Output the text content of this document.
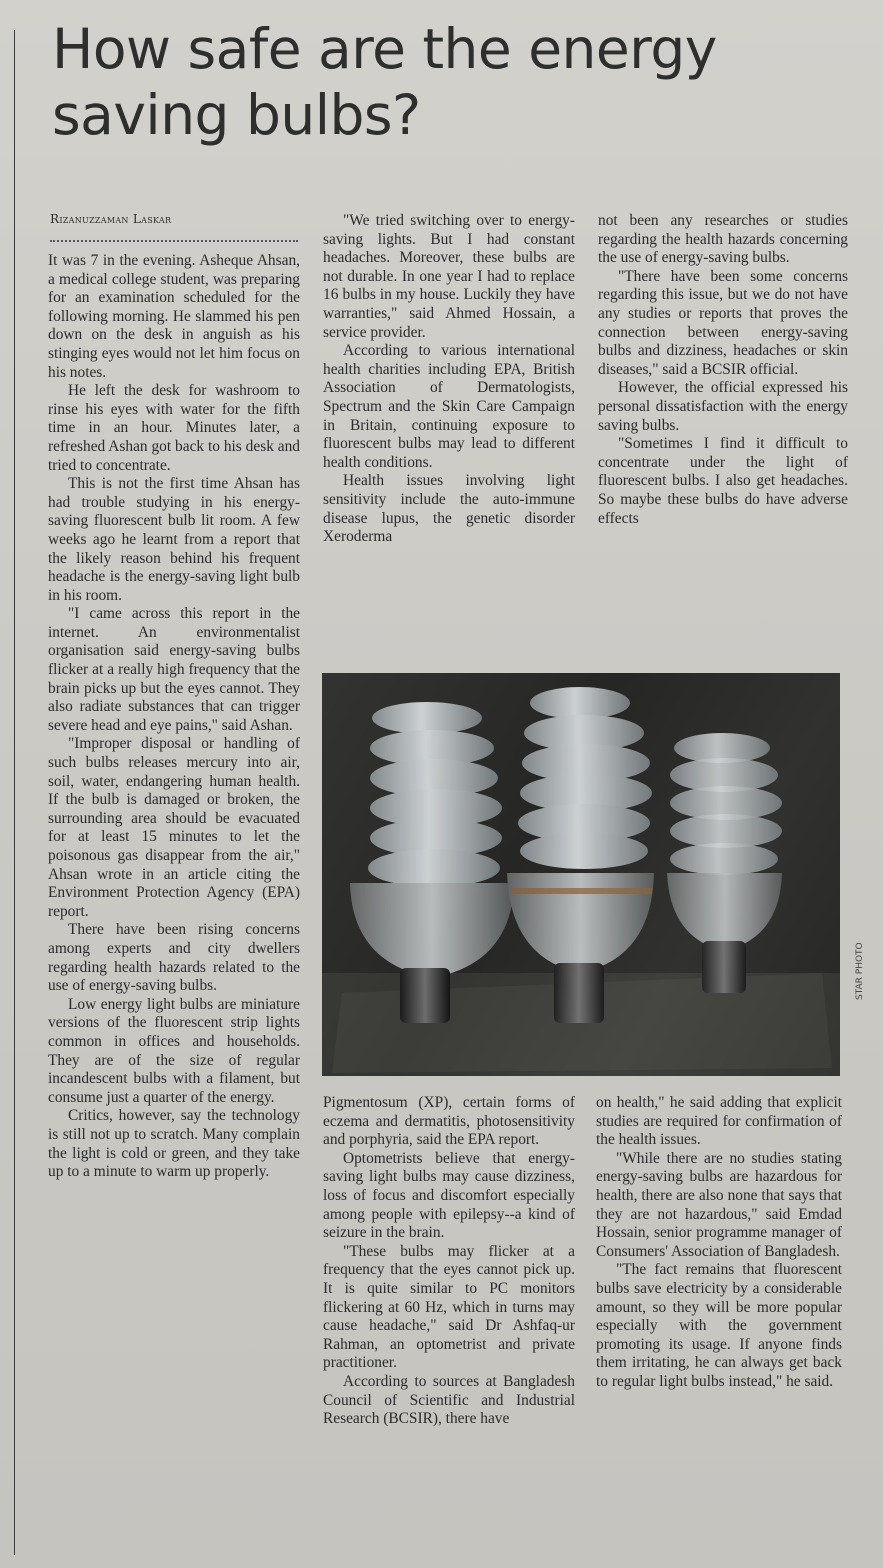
How safe are the energy
saving bulbs?
Rizanuzzaman Laskar

It was 7 in the evening. Asheque Ahsan, a medical college student, was preparing for an examination scheduled for the following morning. He slammed his pen down on the desk in anguish as his stinging eyes would not let him focus on his notes.

He left the desk for washroom to rinse his eyes with water for the fifth time in an hour. Minutes later, a refreshed Ashan got back to his desk and tried to concentrate.

This is not the first time Ahsan has had trouble studying in his energy-saving fluorescent bulb lit room. A few weeks ago he learnt from a report that the likely reason behind his frequent headache is the energy-saving light bulb in his room.

"I came across this report in the internet. An environmentalist organisation said energy-saving bulbs flicker at a really high frequency that the brain picks up but the eyes cannot. They also radiate substances that can trigger severe head and eye pains," said Ashan.

"Improper disposal or handling of such bulbs releases mercury into air, soil, water, endangering human health. If the bulb is damaged or broken, the surrounding area should be evacuated for at least 15 minutes to let the poisonous gas disappear from the air," Ahsan wrote in an article citing the Environment Protection Agency (EPA) report.

There have been rising concerns among experts and city dwellers regarding health hazards related to the use of energy-saving bulbs.

Low energy light bulbs are miniature versions of the fluorescent strip lights common in offices and households. They are of the size of regular incandescent bulbs with a filament, but consume just a quarter of the energy.

Critics, however, say the technology is still not up to scratch. Many complain the light is cold or green, and they take up to a minute to warm up properly.

"We tried switching over to energy-saving lights. But I had constant headaches. Moreover, these bulbs are not durable. In one year I had to replace 16 bulbs in my house. Luckily they have warranties," said Ahmed Hossain, a service provider.

According to various international health charities including EPA, British Association of Dermatologists, Spectrum and the Skin Care Campaign in Britain, continuing exposure to fluorescent bulbs may lead to different health conditions.

Health issues involving light sensitivity include the auto-immune disease lupus, the genetic disorder Xeroderma

not been any researches or studies regarding the health hazards concerning the use of energy-saving bulbs.

"There have been some concerns regarding this issue, but we do not have any studies or reports that proves the connection between energy-saving bulbs and dizziness, headaches or skin diseases," said a BCSIR official.

However, the official expressed his personal dissatisfaction with the energy saving bulbs.

"Sometimes I find it difficult to concentrate under the light of fluorescent bulbs. I also get headaches. So maybe these bulbs do have adverse effects

STAR PHOTO

Pigmentosum (XP), certain forms of eczema and dermatitis, photosensitivity and porphyria, said the EPA report.

Optometrists believe that energy-saving light bulbs may cause dizziness, loss of focus and discomfort especially among people with epilepsy--a kind of seizure in the brain.

"These bulbs may flicker at a frequency that the eyes cannot pick up. It is quite similar to PC monitors flickering at 60 Hz, which in turns may cause headache," said Dr Ashfaq-ur Rahman, an optometrist and private practitioner.

According to sources at Bangladesh Council of Scientific and Industrial Research (BCSIR), there have

on health," he said adding that explicit studies are required for confirmation of the health issues.

"While there are no studies stating energy-saving bulbs are hazardous for health, there are also none that says that they are not hazardous," said Emdad Hossain, senior programme manager of Consumers' Association of Bangladesh.

"The fact remains that fluorescent bulbs save electricity by a considerable amount, so they will be more popular especially with the government promoting its usage. If anyone finds them irritating, he can always get back to regular light bulbs instead," he said.
